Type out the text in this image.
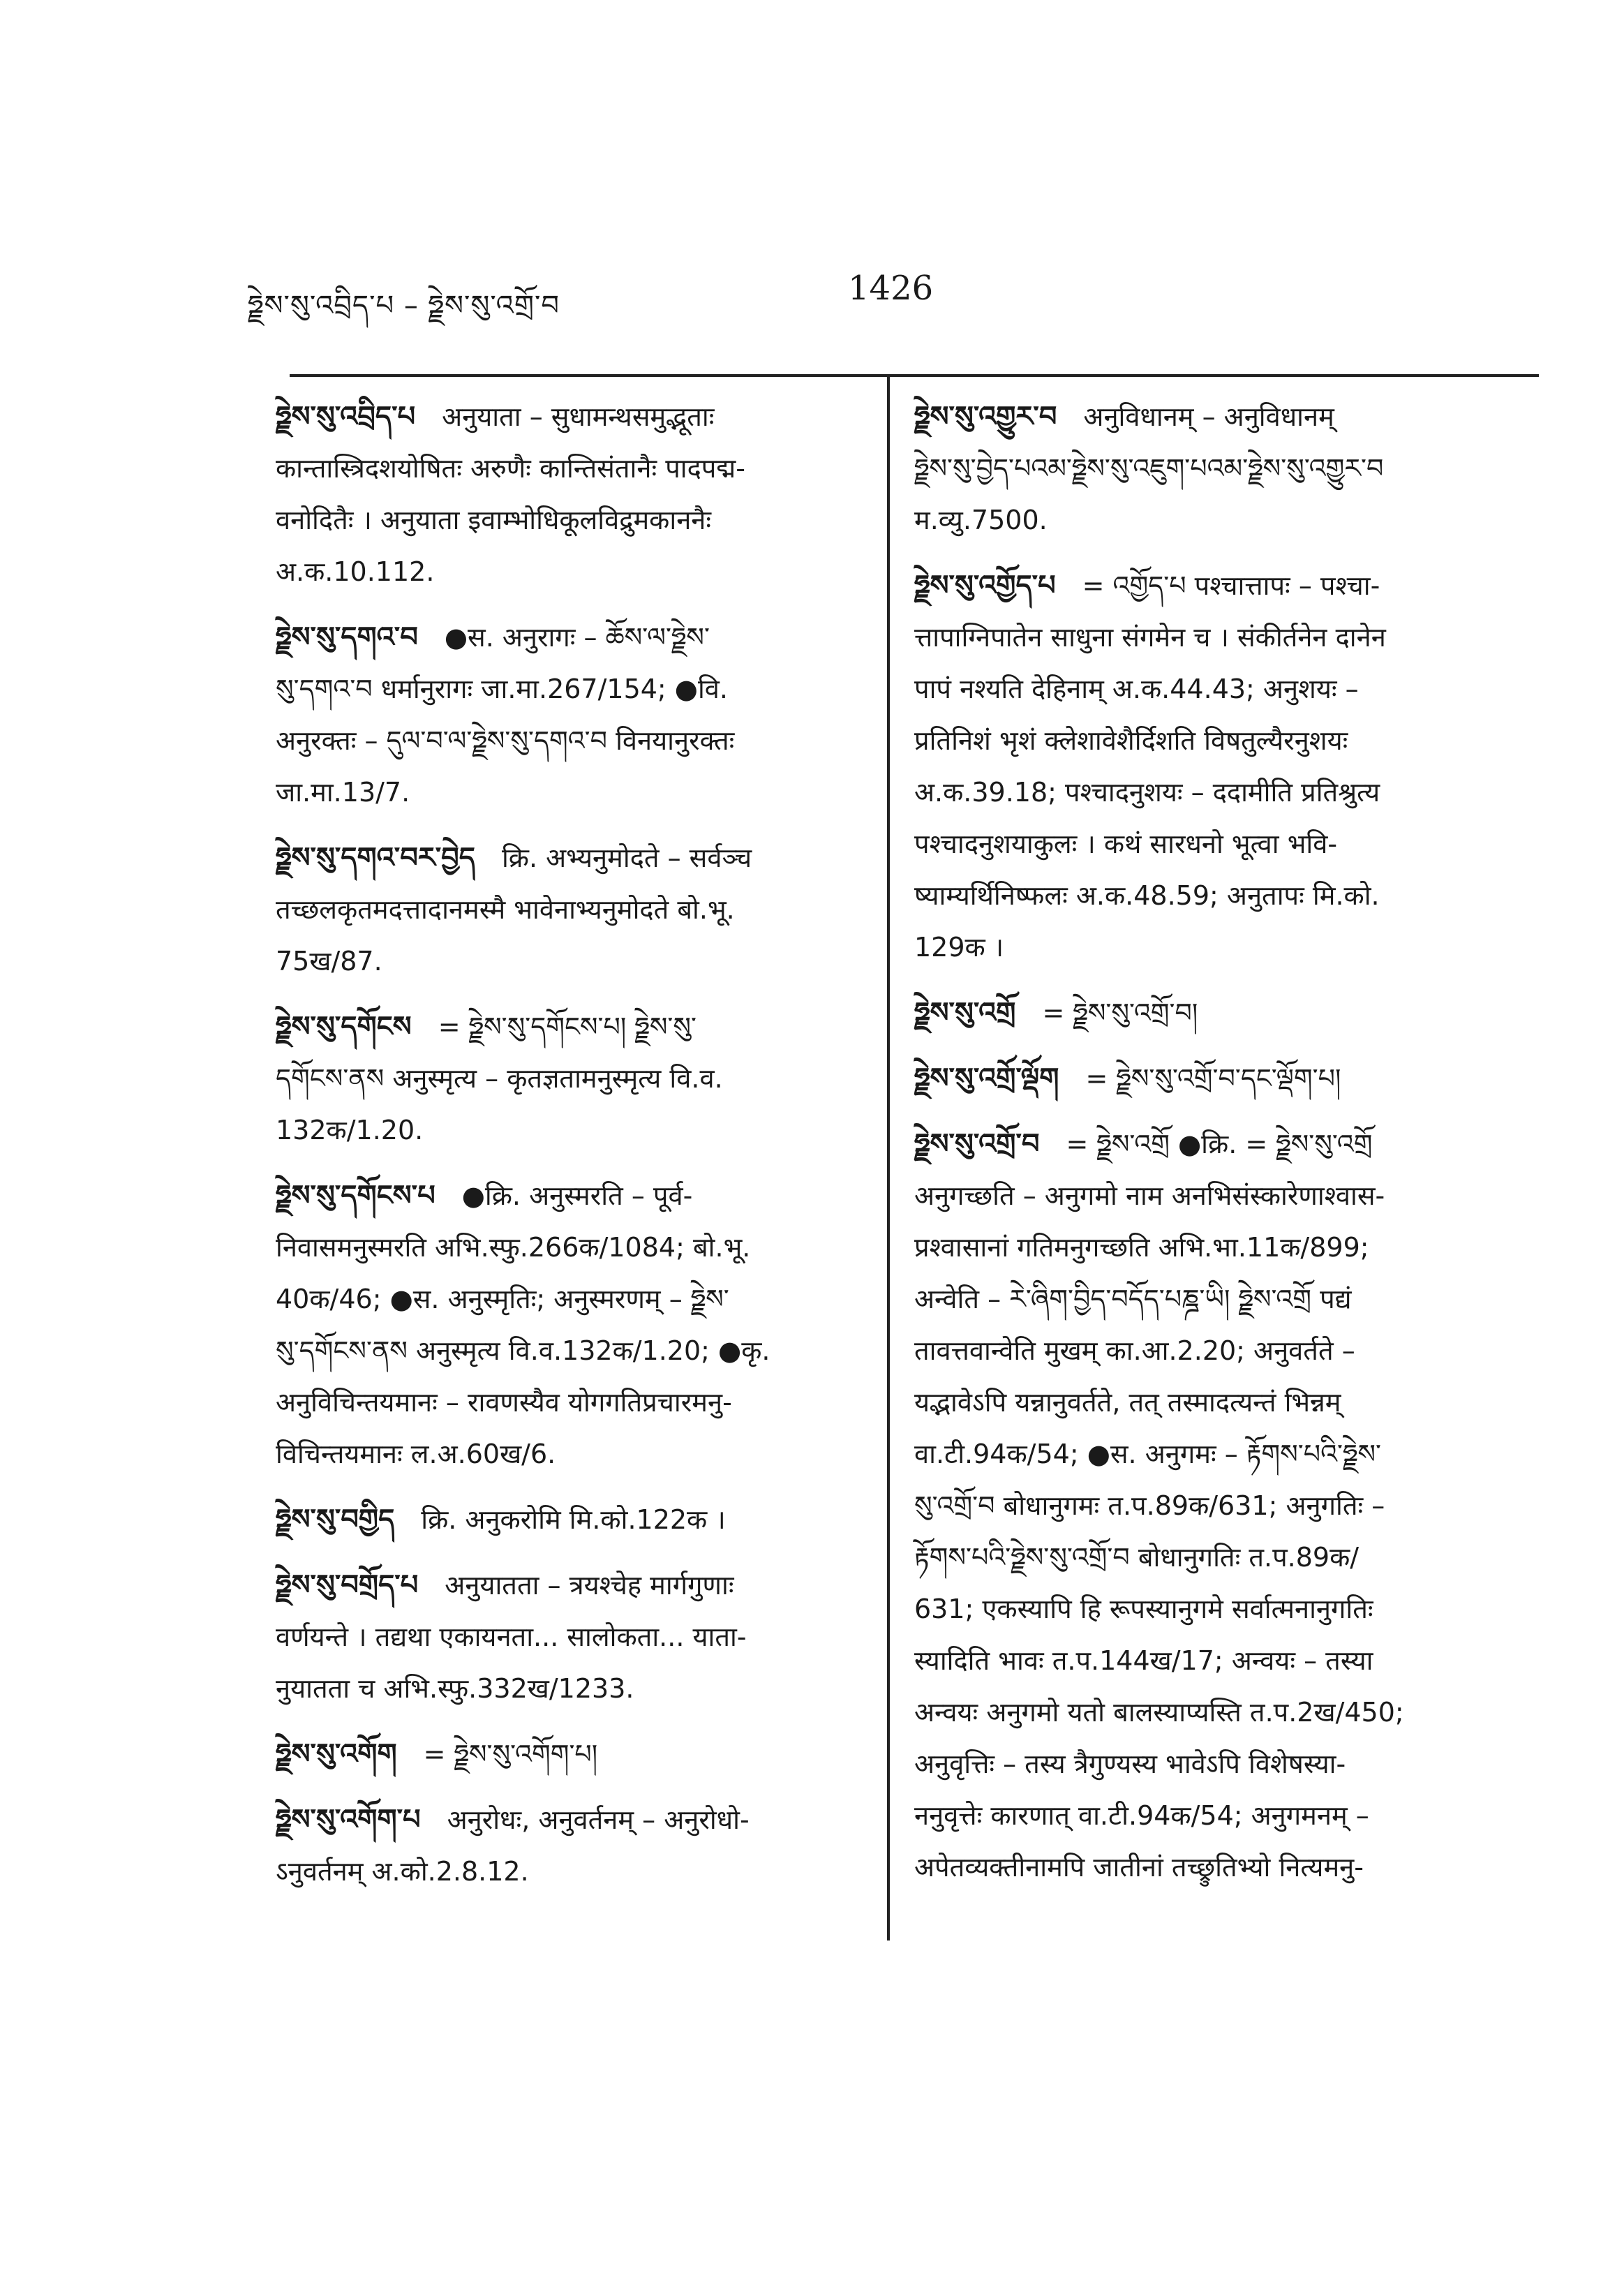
ཧྗེས་སུ་འབྲིད་པ – ཧྗེས་སུ་འགྲོ་བ	1426

ཧྗེས་སུ་འབྲིད་པ  अनुयाता – सुधामन्थसमुद्भूताः

कान्तास्त्रिदशयोषितः अरुणैः कान्तिसंतानैः पादपद्म-

वनोदितैः । अनुयाता इवाम्भोधिकूलविद्रुमकाननैः

अ.क.10.112.

ཧྗེས་སུ་དགའ་བ  ●स. अनुरागः – ཆོས་ལ་ཧྗེས་

སུ་དགའ་བ धर्मानुरागः जा.मा.267/154; ●वि.

अनुरक्तः – དུལ་བ་ལ་ཧྗེས་སུ་དགའ་བ विनयानुरक्तः

जा.मा.13/7.

ཧྗེས་སུ་དགའ་བར་བྱེད  क्रि. अभ्यनुमोदते – सर्वञ्च

तच्छलकृतमदत्तादानमस्मै भावेनाभ्यनुमोदते बो.भू.

75ख/87.

ཧྗེས་སུ་དགོངས  = ཧྗེས་སུ་དགོངས་པ། ཧྗེས་སུ་

དགོངས་ནས अनुस्मृत्य – कृतज्ञतामनुस्मृत्य वि.व.

132क/1.20.

ཧྗེས་སུ་དགོངས་པ  ●क्रि. अनुस्मरति – पूर्व-

निवासमनुस्मरति अभि.स्फु.266क/1084; बो.भू.

40क/46; ●स. अनुस्मृतिः; अनुस्मरणम् – ཧྗེས་

སུ་དགོངས་ནས अनुस्मृत्य वि.व.132क/1.20; ●कृ.

अनुविचिन्तयमानः – रावणस्यैव योगगतिप्रचारमनु-

विचिन्तयमानः ल.अ.60ख/6.

ཧྗེས་སུ་བགྱིད  क्रि. अनुकरोमि मि.को.122क ।

ཧྗེས་སུ་བགྲོད་པ  अनुयातता – त्रयश्चेह मार्गगुणाः

वर्णयन्ते । तद्यथा एकायनता... सालोकता... याता-

नुयातता च अभि.स्फु.332ख/1233.

ཧྗེས་སུ་འགོག  = ཧྗེས་སུ་འགོག་པ།

ཧྗེས་སུ་འགོག་པ  अनुरोधः, अनुवर्तनम् – अनुरोधो-

ऽनुवर्तनम् अ.को.2.8.12.

ཧྗེས་སུ་འགྱུར་བ  अनुविधानम् – अनुविधानम्

ཧྗེས་སུ་བྱེད་པའམ་ཧྗེས་སུ་འཇུག་པའམ་ཧྗེས་སུ་འགྱུར་བ

म.व्यु.7500.

ཧྗེས་སུ་འགྱོད་པ  = འགྱོད་པ पश्चात्तापः – पश्चा-

त्तापाग्निपातेन साधुना संगमेन च । संकीर्तनेन दानेन

पापं नश्यति देहिनाम् अ.क.44.43; अनुशयः –

प्रतिनिशं भृशं क्लेशावेशैर्दिशति विषतुल्यैरनुशयः

अ.क.39.18; पश्चादनुशयः – ददामीति प्रतिश्रुत्य

पश्चादनुशयाकुलः । कथं सारधनो भूत्वा भवि-

ष्याम्यर्थिनिष्फलः अ.क.48.59; अनुतापः मि.को.

129क ।

ཧྗེས་སུ་འགྲོ  = ཧྗེས་སུ་འགྲོ་བ།

ཧྗེས་སུ་འགྲོ་ལྡོག  = ཧྗེས་སུ་འགྲོ་བ་དང་ལྡོག་པ།

ཧྗེས་སུ་འགྲོ་བ  = ཧྗེས་འགྲོ ●क्रि. = ཧྗེས་སུ་འགྲོ

अनुगच्छति – अनुगमो नाम अनभिसंस्कारेणाश्वास-

प्रश्वासानां गतिमनुगच्छति अभि.भा.11क/899;

अन्वेति – རེ་ཞིག་བྱིད་བདོད་པཎྜ་ཡི། ཧྗེས་འགྲོ पद्यं

तावत्तवान्वेति मुखम् का.आ.2.20; अनुवर्तते –

यद्भावेऽपि यन्नानुवर्तते, तत् तस्मादत्यन्तं भिन्नम्

वा.टी.94क/54; ●स. अनुगमः – རྟོགས་པའི་ཧྗེས་

སུ་འགྲོ་བ बोधानुगमः त.प.89क/631; अनुगतिः –

རྟོགས་པའི་ཧྗེས་སུ་འགྲོ་བ बोधानुगतिः त.प.89क/

631; एकस्यापि हि रूपस्यानुगमे सर्वात्मनानुगतिः

स्यादिति भावः त.प.144ख/17; अन्वयः – तस्या

अन्वयः अनुगमो यतो बालस्याप्यस्ति त.प.2ख/450;

अनुवृत्तिः – तस्य त्रैगुण्यस्य भावेऽपि विशेषस्या-

ननुवृत्तेः कारणात् वा.टी.94क/54; अनुगमनम् –

अपेतव्यक्तीनामपि जातीनां तच्छ्रुतिभ्यो नित्यमनु-
